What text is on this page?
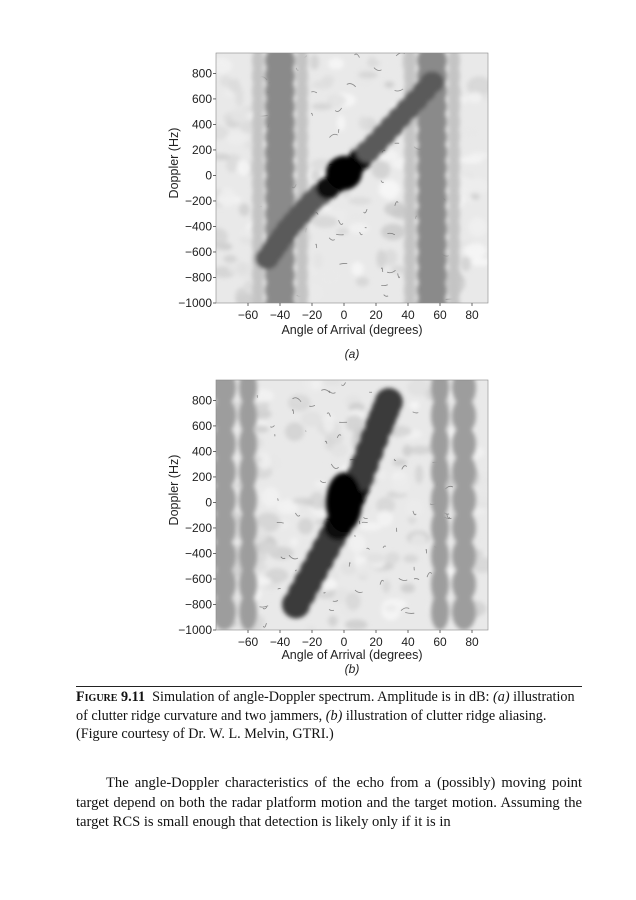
800
600
400
200
0
−200
−400
−600
−800
−1000
−60 −40 −20 0 20 40 60 80
Angle of Arrival (degrees)
Doppler (Hz)
(a)
800
600
400
200
0
−200
−400
−600
−800
−1000
−60 −40 −20 0 20 40 60 80
Angle of Arrival (degrees)
Doppler (Hz)
(b)
Figure 9.11 Simulation of angle-Doppler spectrum. Amplitude is in dB: (a) illustration of clutter ridge curvature and two jammers, (b) illustration of clutter ridge aliasing. (Figure courtesy of Dr. W. L. Melvin, GTRI.)

The angle-Doppler characteristics of the echo from a (possibly) moving point target depend on both the radar platform motion and the target motion. Assuming the target RCS is small enough that detection is likely only if it is in
